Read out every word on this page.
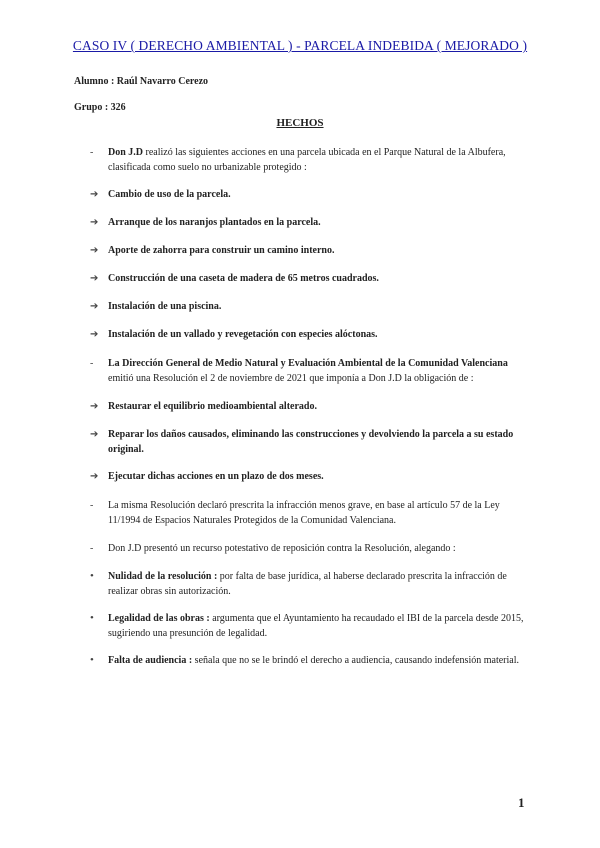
CASO IV ( DERECHO AMBIENTAL ) - PARCELA INDEBIDA ( MEJORADO )
Alumno : Raúl Navarro Cerezo
Grupo : 326
HECHOS
-	Don J.D realizó las siguientes acciones en una parcela ubicada en el Parque Natural de la Albufera, clasificada como suelo no urbanizable protegido :
➔ Cambio de uso de la parcela.
➔ Arranque de los naranjos plantados en la parcela.
➔ Aporte de zahorra para construir un camino interno.
➔ Construcción de una caseta de madera de 65 metros cuadrados.
➔ Instalación de una piscina.
➔ Instalación de un vallado y revegetación con especies alóctonas.
-	La Dirección General de Medio Natural y Evaluación Ambiental de la Comunidad Valenciana emitió una Resolución el 2 de noviembre de 2021 que imponía a Don J.D la obligación de :
➔ Restaurar el equilibrio medioambiental alterado.
➔ Reparar los daños causados, eliminando las construcciones y devolviendo la parcela a su estado original.
➔ Ejecutar dichas acciones en un plazo de dos meses.
-	La misma Resolución declaró prescrita la infracción menos grave, en base al artículo 57 de la Ley 11/1994 de Espacios Naturales Protegidos de la Comunidad Valenciana.
-	Don J.D presentó un recurso potestativo de reposición contra la Resolución, alegando :
•	Nulidad de la resolución : por falta de base jurídica, al haberse declarado prescrita la infracción de realizar obras sin autorización.
•	Legalidad de las obras : argumenta que el Ayuntamiento ha recaudado el IBI de la parcela desde 2015, sugiriendo una presunción de legalidad.
•	Falta de audiencia : señala que no se le brindó el derecho a audiencia, causando indefensión material.
1
